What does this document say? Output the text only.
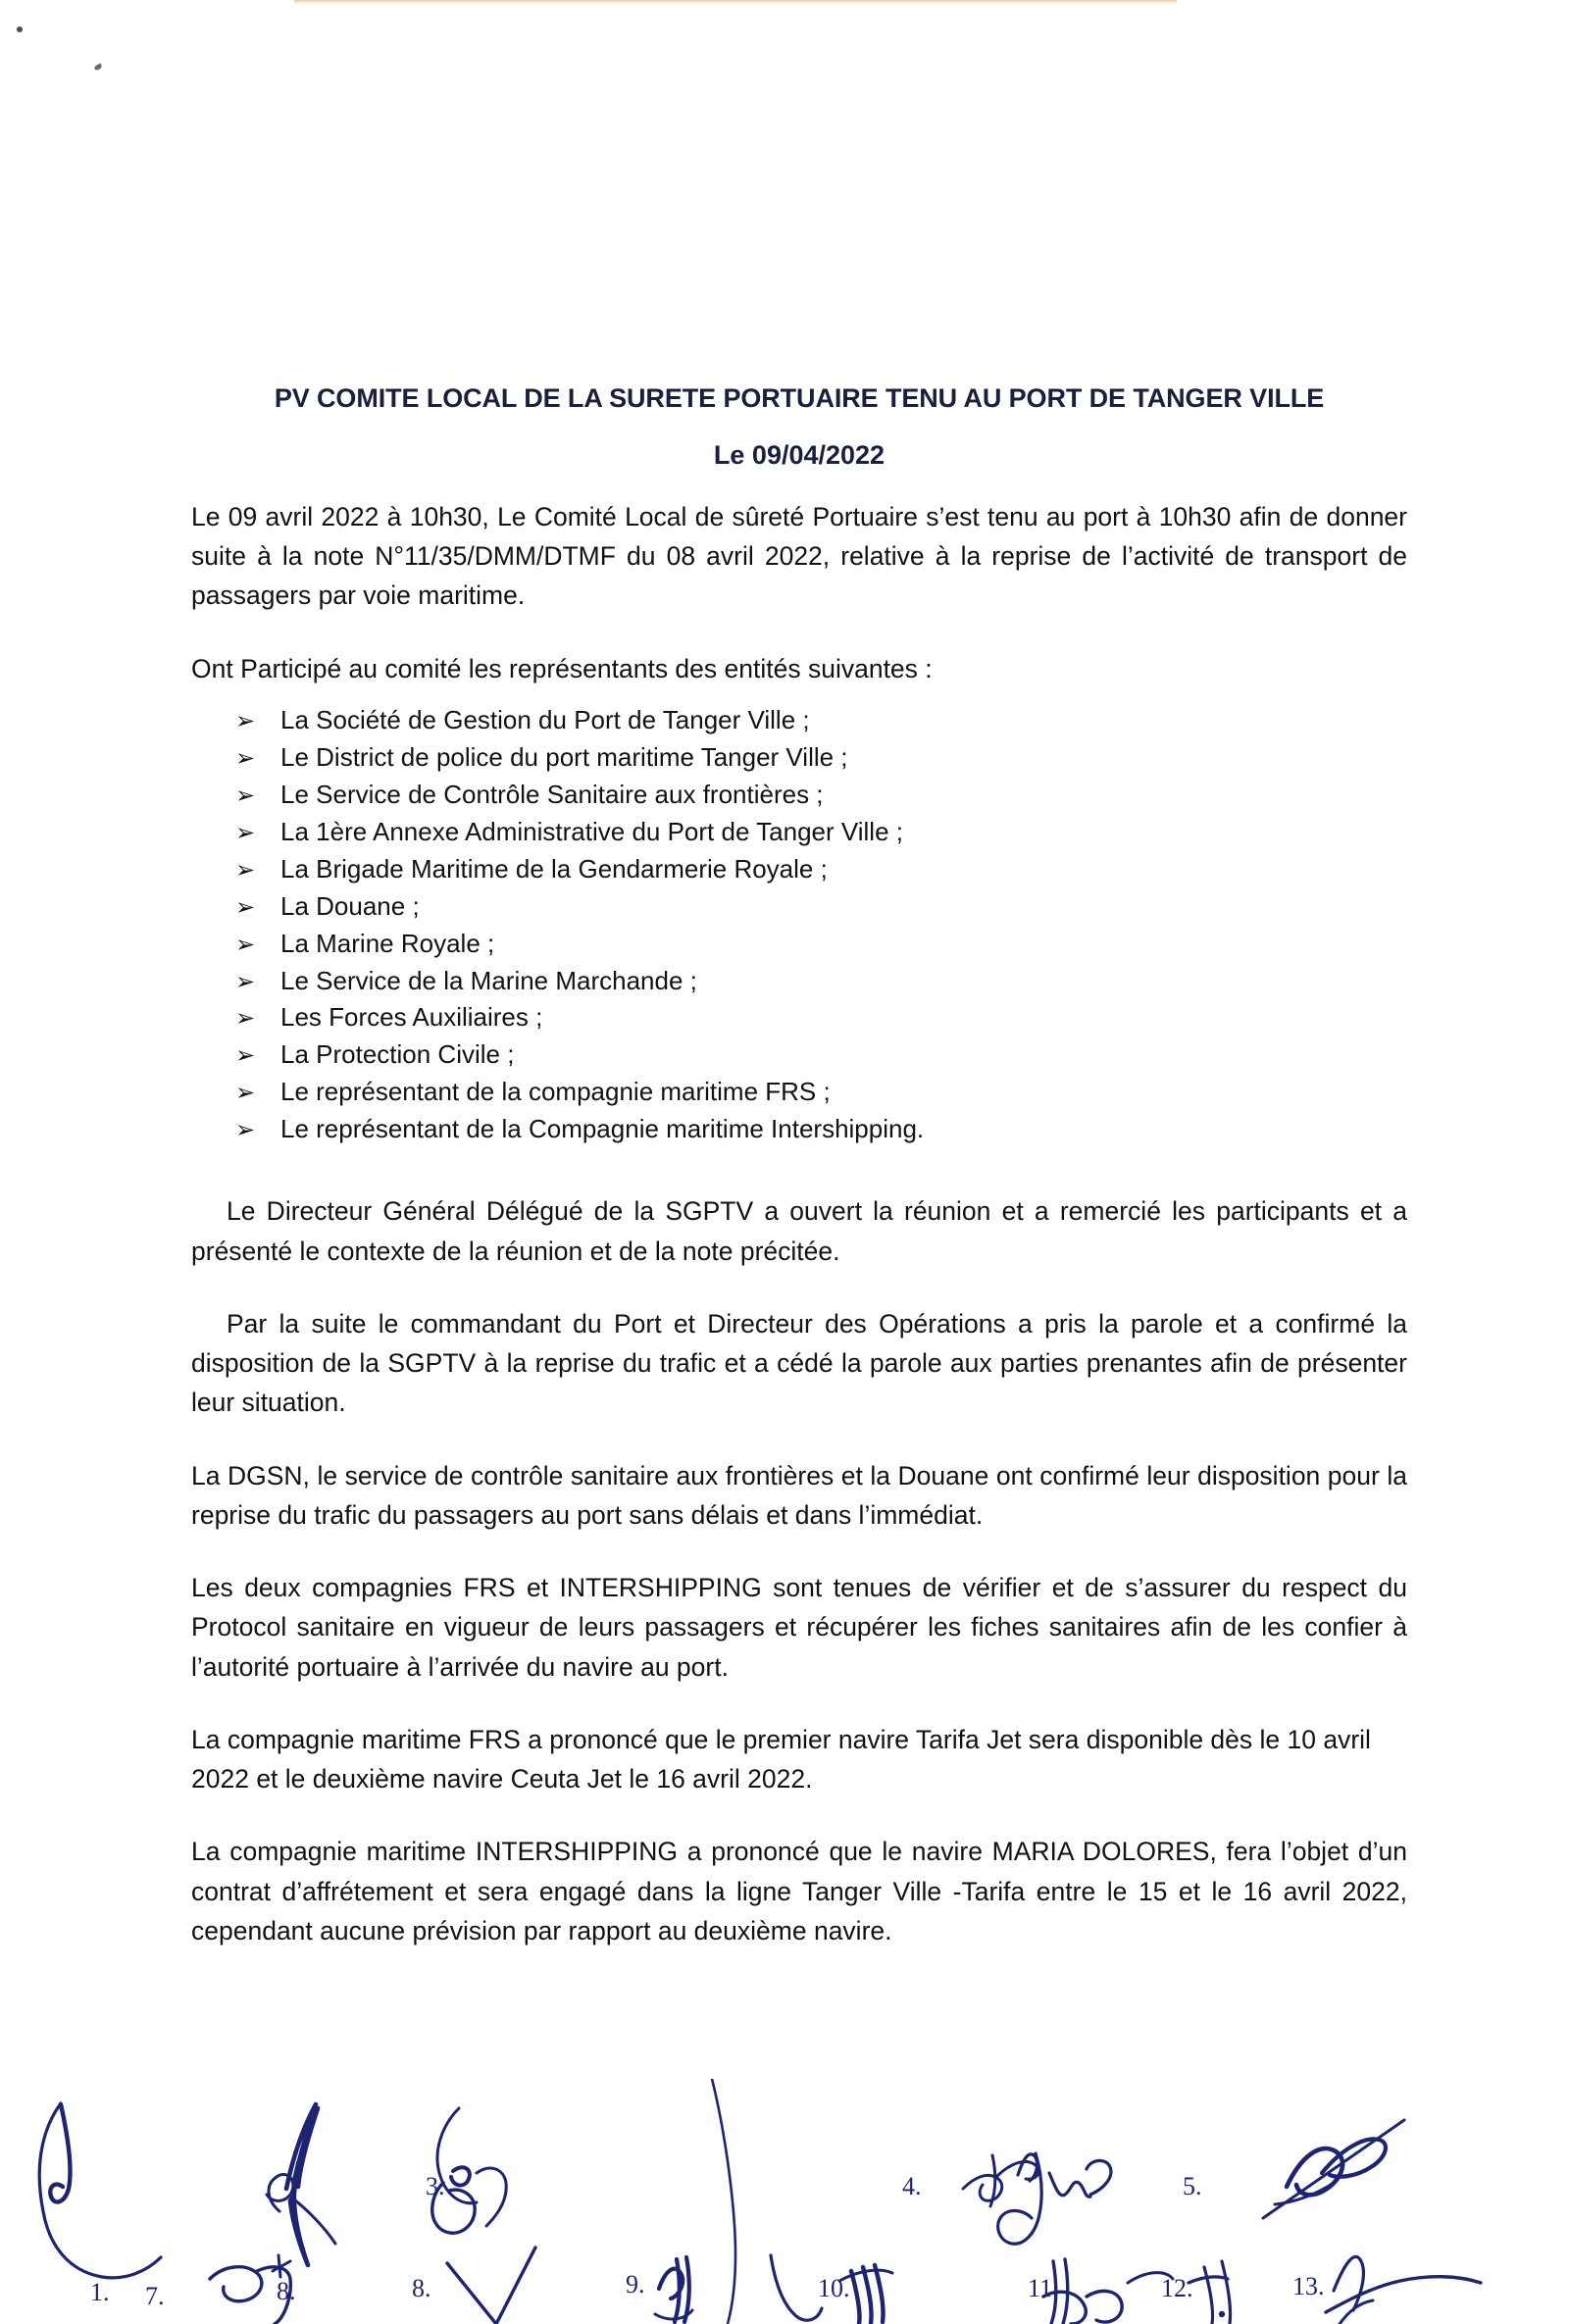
PV COMITE LOCAL DE LA SURETE PORTUAIRE TENU AU PORT DE TANGER VILLE
Le 09/04/2022

Le 09 avril 2022 à 10h30, Le Comité Local de sûreté Portuaire s’est tenu au port à 10h30 afin de donner suite à la note N°11/35/DMM/DTMF du 08 avril 2022, relative à la reprise de l’activité de transport de passagers par voie maritime.

Ont Participé au comité les représentants des entités suivantes :

➢ La Société de Gestion du Port de Tanger Ville ;
➢ Le District de police du port maritime Tanger Ville ;
➢ Le Service de Contrôle Sanitaire aux frontières ;
➢ La 1ère Annexe Administrative du Port de Tanger Ville ;
➢ La Brigade Maritime de la Gendarmerie Royale ;
➢ La Douane ;
➢ La Marine Royale ;
➢ Le Service de la Marine Marchande ;
➢ Les Forces Auxiliaires ;
➢ La Protection Civile ;
➢ Le représentant de la compagnie maritime FRS ;
➢ Le représentant de la Compagnie maritime Intershipping.

Le Directeur Général Délégué de la SGPTV a ouvert la réunion et a remercié les participants et a présenté le contexte de la réunion et de la note précitée.

Par la suite le commandant du Port et Directeur des Opérations a pris la parole et a confirmé la disposition de la SGPTV à la reprise du trafic et a cédé la parole aux parties prenantes afin de présenter leur situation.

La DGSN, le service de contrôle sanitaire aux frontières et la Douane ont confirmé leur disposition pour la reprise du trafic du passagers au port sans délais et dans l’immédiat.

Les deux compagnies FRS et INTERSHIPPING sont tenues de vérifier et de s’assurer du respect du Protocol sanitaire en vigueur de leurs passagers et récupérer les fiches sanitaires afin de les confier à l’autorité portuaire à l’arrivée du navire au port.

La compagnie maritime FRS a prononcé que le premier navire Tarifa Jet sera disponible dès le 10 avril 2022 et le deuxième navire Ceuta Jet le 16 avril 2022.

La compagnie maritime INTERSHIPPING a prononcé que le navire MARIA DOLORES, fera l’objet d’un contrat d’affrétement et sera engagé dans la ligne Tanger Ville -Tarifa entre le 15 et le 16 avril 2022, cependant aucune prévision par rapport au deuxième navire.

1.	8.
3.	4.	5.
7.	8.	9.	10.	11.	12.	13.
